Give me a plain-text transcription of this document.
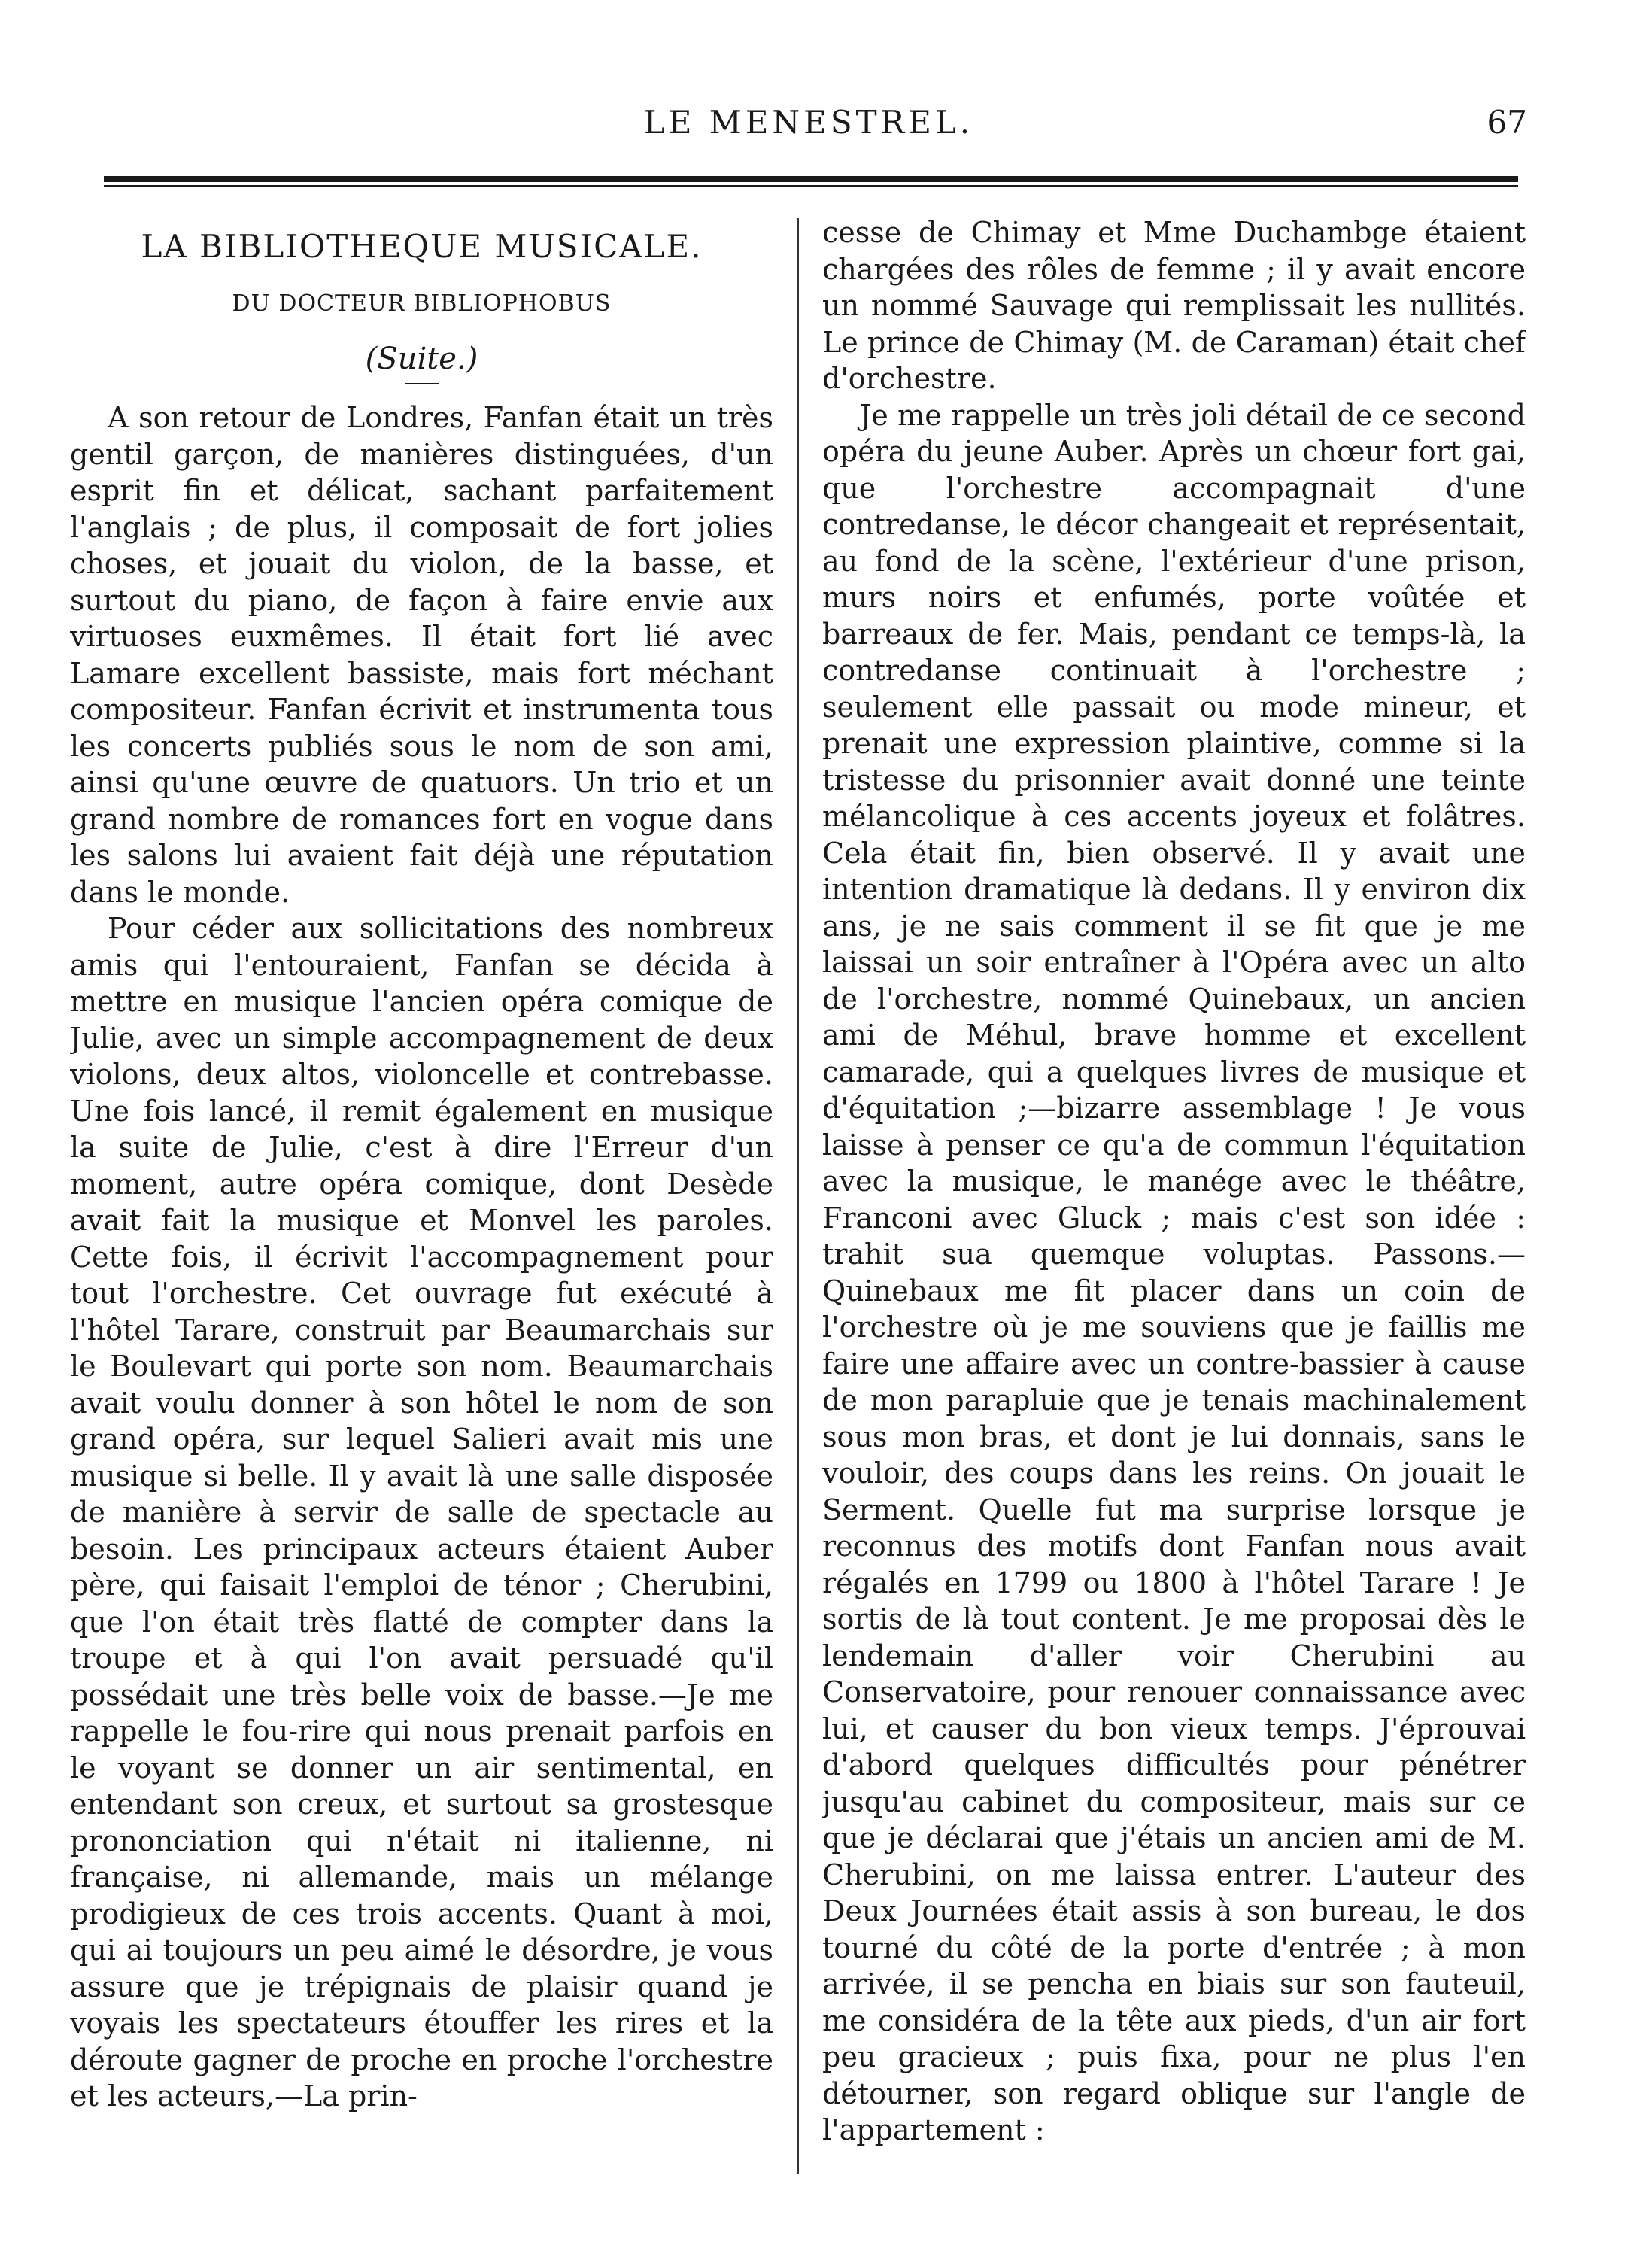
LE MENESTREL.	67
LA BIBLIOTHEQUE MUSICALE.
DU DOCTEUR BIBLIOPHOBUS
(Suite.)

A son retour de Londres, Fanfan était un très gentil garçon, de manières distinguées, d'un esprit fin et délicat, sachant parfaitement l'anglais ; de plus, il composait de fort jolies choses, et jouait du violon, de la basse, et surtout du piano, de façon à faire envie aux virtuoses euxmêmes. Il était fort lié avec Lamare excellent bassiste, mais fort méchant compositeur. Fanfan écrivit et instrumenta tous les concerts publiés sous le nom de son ami, ainsi qu'une œuvre de quatuors. Un trio et un grand nombre de romances fort en vogue dans les salons lui avaient fait déjà une réputation dans le monde.

Pour céder aux sollicitations des nombreux amis qui l'entouraient, Fanfan se décida à mettre en musique l'ancien opéra comique de Julie, avec un simple accompagnement de deux violons, deux altos, violoncelle et contrebasse. Une fois lancé, il remit également en musique la suite de Julie, c'est à dire l'Erreur d'un moment, autre opéra comique, dont Desède avait fait la musique et Monvel les paroles. Cette fois, il écrivit l'accompagnement pour tout l'orchestre. Cet ouvrage fut exécuté à l'hôtel Tarare, construit par Beaumarchais sur le Boulevart qui porte son nom. Beaumarchais avait voulu donner à son hôtel le nom de son grand opéra, sur lequel Salieri avait mis une musique si belle. Il y avait là une salle disposée de manière à servir de salle de spectacle au besoin. Les principaux acteurs étaient Auber père, qui faisait l'emploi de ténor ; Cherubini, que l'on était très flatté de compter dans la troupe et à qui l'on avait persuadé qu'il possédait une très belle voix de basse.—Je me rappelle le fou-rire qui nous prenait parfois en le voyant se donner un air sentimental, en entendant son creux, et surtout sa grostesque prononciation qui n'était ni italienne, ni française, ni allemande, mais un mélange prodigieux de ces trois accents. Quant à moi, qui ai toujours un peu aimé le désordre, je vous assure que je trépignais de plaisir quand je voyais les spectateurs étouffer les rires et la déroute gagner de proche en proche l'orchestre et les acteurs,—La prin-

cesse de Chimay et Mme Duchambge étaient chargées des rôles de femme ; il y avait encore un nommé Sauvage qui remplissait les nullités. Le prince de Chimay (M. de Caraman) était chef d'orchestre.

Je me rappelle un très joli détail de ce second opéra du jeune Auber. Après un chœur fort gai, que l'orchestre accompagnait d'une contredanse, le décor changeait et représentait, au fond de la scène, l'extérieur d'une prison, murs noirs et enfumés, porte voûtée et barreaux de fer. Mais, pendant ce temps-là, la contredanse continuait à l'orchestre ; seulement elle passait ou mode mineur, et prenait une expression plaintive, comme si la tristesse du prisonnier avait donné une teinte mélancolique à ces accents joyeux et folâtres. Cela était fin, bien observé. Il y avait une intention dramatique là dedans. Il y environ dix ans, je ne sais comment il se fit que je me laissai un soir entraîner à l'Opéra avec un alto de l'orchestre, nommé Quinebaux, un ancien ami de Méhul, brave homme et excellent camarade, qui a quelques livres de musique et d'équitation ;—bizarre assemblage ! Je vous laisse à penser ce qu'a de commun l'équitation avec la musique, le manége avec le théâtre, Franconi avec Gluck ; mais c'est son idée : trahit sua quemque voluptas. Passons.—Quinebaux me fit placer dans un coin de l'orchestre où je me souviens que je faillis me faire une affaire avec un contre-bassier à cause de mon parapluie que je tenais machinalement sous mon bras, et dont je lui donnais, sans le vouloir, des coups dans les reins. On jouait le Serment. Quelle fut ma surprise lorsque je reconnus des motifs dont Fanfan nous avait régalés en 1799 ou 1800 à l'hôtel Tarare ! Je sortis de là tout content. Je me proposai dès le lendemain d'aller voir Cherubini au Conservatoire, pour renouer connaissance avec lui, et causer du bon vieux temps. J'éprouvai d'abord quelques difficultés pour pénétrer jusqu'au cabinet du compositeur, mais sur ce que je déclarai que j'étais un ancien ami de M. Cherubini, on me laissa entrer. L'auteur des Deux Journées était assis à son bureau, le dos tourné du côté de la porte d'entrée ; à mon arrivée, il se pencha en biais sur son fauteuil, me considéra de la tête aux pieds, d'un air fort peu gracieux ; puis fixa, pour ne plus l'en détourner, son regard oblique sur l'angle de l'appartement :
